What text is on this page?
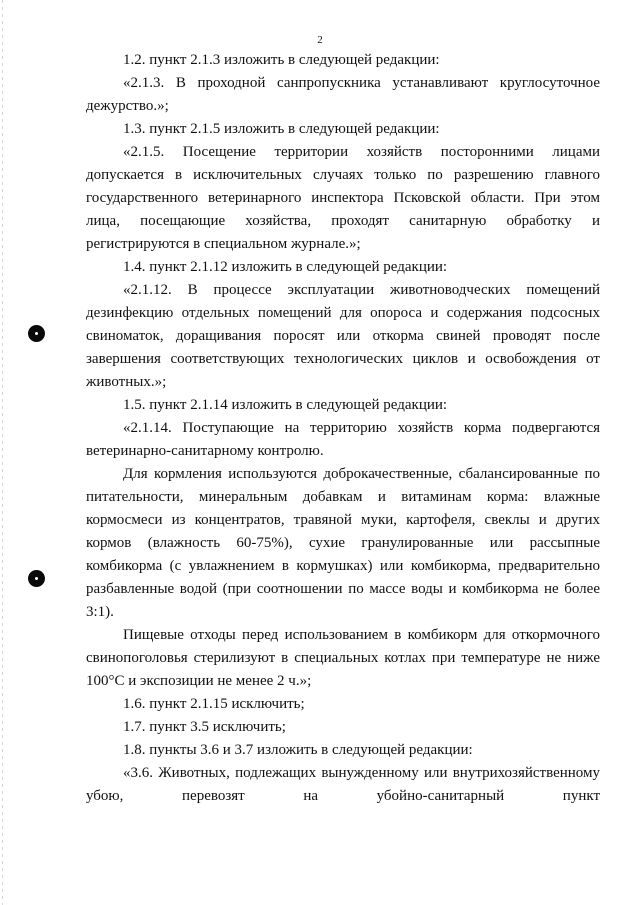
2

1.2. пункт 2.1.3 изложить в следующей редакции:

«2.1.3. В проходной санпропускника устанавливают круглосуточное дежурство.»;

1.3. пункт 2.1.5 изложить в следующей редакции:

«2.1.5. Посещение территории хозяйств посторонними лицами допускается в исключительных случаях только по разрешению главного государственного ветеринарного инспектора Псковской области. При этом лица, посещающие хозяйства, проходят санитарную обработку и регистрируются в специальном журнале.»;

1.4. пункт 2.1.12 изложить в следующей редакции:

«2.1.12. В процессе эксплуатации животноводческих помещений дезинфекцию отдельных помещений для опороса и содержания подсосных свиноматок, доращивания поросят или откорма свиней проводят после завершения соответствующих технологических циклов и освобождения от животных.»;

1.5. пункт 2.1.14 изложить в следующей редакции:

«2.1.14. Поступающие на территорию хозяйств корма подвергаются ветеринарно-санитарному контролю.

Для кормления используются доброкачественные, сбалансированные по питательности, минеральным добавкам и витаминам корма: влажные кормосмеси из концентратов, травяной муки, картофеля, свеклы и других кормов (влажность 60-75%), сухие гранулированные или рассыпные комбикорма (с увлажнением в кормушках) или комбикорма, предварительно разбавленные водой (при соотношении по массе воды и комбикорма не более 3:1).

Пищевые отходы перед использованием в комбикорм для откормочного свинопоголовья стерилизуют в специальных котлах при температуре не ниже 100°С и экспозиции не менее 2 ч.»;

1.6. пункт 2.1.15 исключить;

1.7. пункт 3.5 исключить;

1.8. пункты 3.6 и 3.7 изложить в следующей редакции:

«3.6. Животных, подлежащих вынужденному или внутрихозяйственному убою, перевозят на убойно-санитарный пункт
